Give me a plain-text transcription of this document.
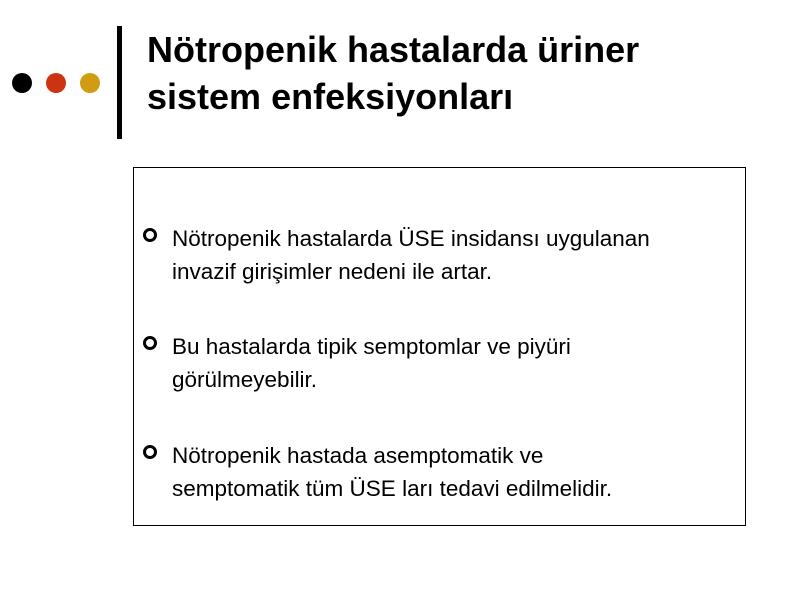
Nötropenik hastalarda üriner
sistem enfeksiyonları
Nötropenik hastalarda ÜSE insidansı uygulanan
invazif girişimler nedeni ile artar.
Bu hastalarda tipik semptomlar ve piyüri
görülmeyebilir.
Nötropenik hastada asemptomatik ve
semptomatik tüm ÜSE ları tedavi edilmelidir.
